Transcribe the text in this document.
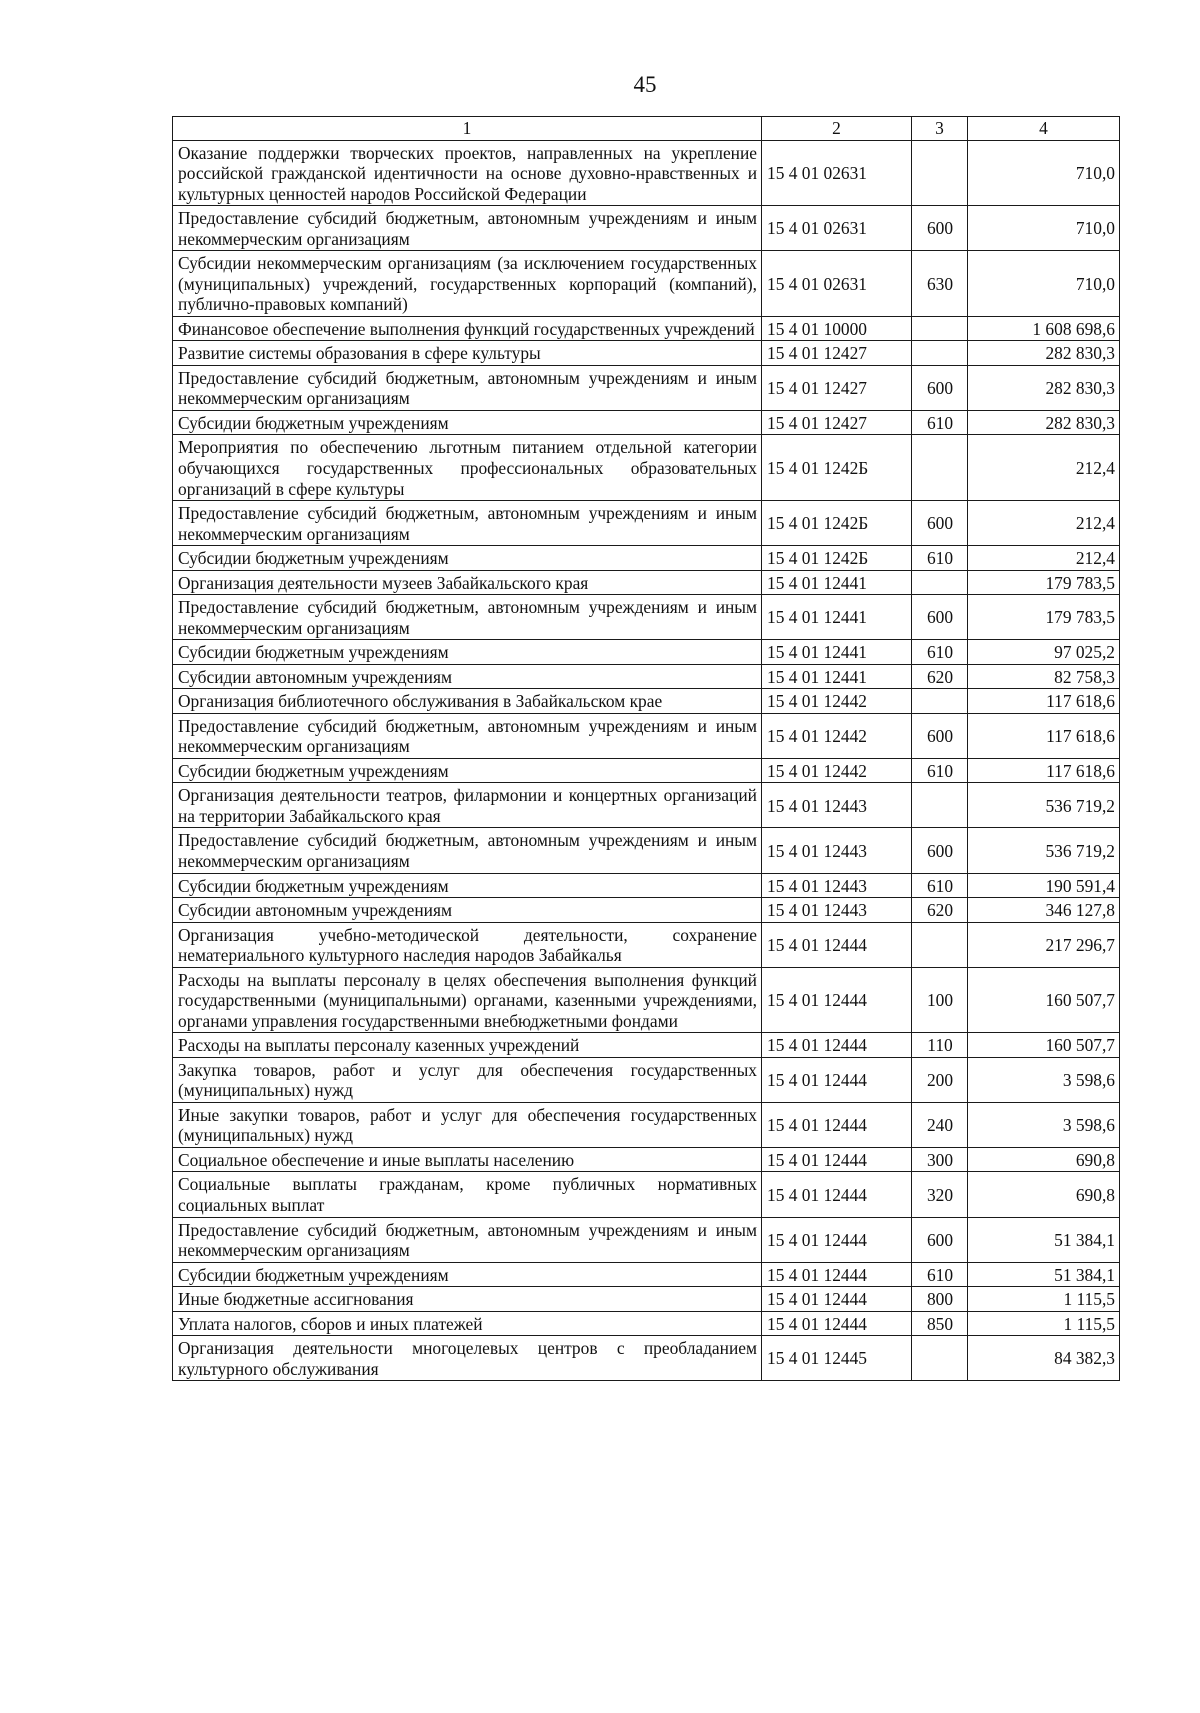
45
1	2	3	4
Оказание поддержки творческих проектов, направленных на укрепление российской гражданской идентичности на основе духовно-нравственных и культурных ценностей народов Российской Федерации	15 4 01 02631		710,0
Предоставление субсидий бюджетным, автономным учреждениям и иным некоммерческим организациям	15 4 01 02631	600	710,0
Субсидии некоммерческим организациям (за исключением государственных (муниципальных) учреждений, государственных корпораций (компаний), публично-правовых компаний)	15 4 01 02631	630	710,0
Финансовое обеспечение выполнения функций государственных учреждений	15 4 01 10000		1 608 698,6
Развитие системы образования в сфере культуры	15 4 01 12427		282 830,3
Предоставление субсидий бюджетным, автономным учреждениям и иным некоммерческим организациям	15 4 01 12427	600	282 830,3
Субсидии бюджетным учреждениям	15 4 01 12427	610	282 830,3
Мероприятия по обеспечению льготным питанием отдельной категории обучающихся государственных профессиональных образовательных организаций в сфере культуры	15 4 01 1242Б		212,4
Предоставление субсидий бюджетным, автономным учреждениям и иным некоммерческим организациям	15 4 01 1242Б	600	212,4
Субсидии бюджетным учреждениям	15 4 01 1242Б	610	212,4
Организация деятельности музеев Забайкальского края	15 4 01 12441		179 783,5
Предоставление субсидий бюджетным, автономным учреждениям и иным некоммерческим организациям	15 4 01 12441	600	179 783,5
Субсидии бюджетным учреждениям	15 4 01 12441	610	97 025,2
Субсидии автономным учреждениям	15 4 01 12441	620	82 758,3
Организация библиотечного обслуживания в Забайкальском крае	15 4 01 12442		117 618,6
Предоставление субсидий бюджетным, автономным учреждениям и иным некоммерческим организациям	15 4 01 12442	600	117 618,6
Субсидии бюджетным учреждениям	15 4 01 12442	610	117 618,6
Организация деятельности театров, филармонии и концертных организаций на территории Забайкальского края	15 4 01 12443		536 719,2
Предоставление субсидий бюджетным, автономным учреждениям и иным некоммерческим организациям	15 4 01 12443	600	536 719,2
Субсидии бюджетным учреждениям	15 4 01 12443	610	190 591,4
Субсидии автономным учреждениям	15 4 01 12443	620	346 127,8
Организация учебно-методической деятельности, сохранение нематериального культурного наследия народов Забайкалья	15 4 01 12444		217 296,7
Расходы на выплаты персоналу в целях обеспечения выполнения функций государственными (муниципальными) органами, казенными учреждениями, органами управления государственными внебюджетными фондами	15 4 01 12444	100	160 507,7
Расходы на выплаты персоналу казенных учреждений	15 4 01 12444	110	160 507,7
Закупка товаров, работ и услуг для обеспечения государственных (муниципальных) нужд	15 4 01 12444	200	3 598,6
Иные закупки товаров, работ и услуг для обеспечения государственных (муниципальных) нужд	15 4 01 12444	240	3 598,6
Социальное обеспечение и иные выплаты населению	15 4 01 12444	300	690,8
Социальные выплаты гражданам, кроме публичных нормативных социальных выплат	15 4 01 12444	320	690,8
Предоставление субсидий бюджетным, автономным учреждениям и иным некоммерческим организациям	15 4 01 12444	600	51 384,1
Субсидии бюджетным учреждениям	15 4 01 12444	610	51 384,1
Иные бюджетные ассигнования	15 4 01 12444	800	1 115,5
Уплата налогов, сборов и иных платежей	15 4 01 12444	850	1 115,5
Организация деятельности многоцелевых центров с преобладанием культурного обслуживания	15 4 01 12445		84 382,3
